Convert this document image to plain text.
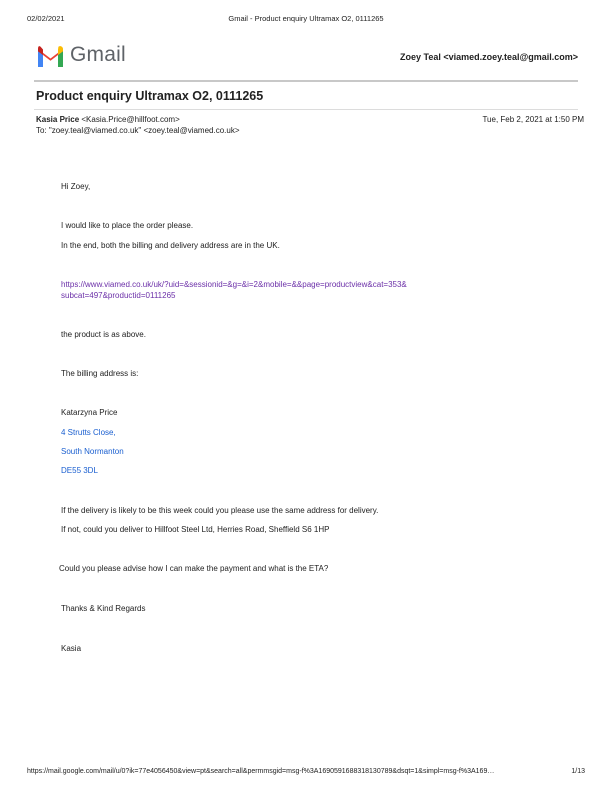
02/02/2021	Gmail - Product enquiry Ultramax O2, 0111265
Gmail	Zoey Teal <viamed.zoey.teal@gmail.com>
Product enquiry Ultramax O2, 0111265
Kasia Price <Kasia.Price@hillfoot.com>	Tue, Feb 2, 2021 at 1:50 PM
To: "zoey.teal@viamed.co.uk" <zoey.teal@viamed.co.uk>
Hi Zoey,
I would like to place the order please.
In the end, both the billing and delivery address are in the UK.
https://www.viamed.co.uk/uk/?uid=&sessionid=&g=&i=2&mobile=&&page=productview&cat=353&
subcat=497&productid=0111265
the product is as above.
The billing address is:
Katarzyna Price
4 Strutts Close,
South Normanton
DE55 3DL
If the delivery is likely to be this week could you please use the same address for delivery.
If not, could you deliver to Hillfoot Steel Ltd, Herries Road, Sheffield S6 1HP
Could you please advise how I can make the payment and what is the ETA?
Thanks & Kind Regards
Kasia
https://mail.google.com/mail/u/0?ik=77e4056450&view=pt&search=all&permmsgid=msg-f%3A1690591688318130789&dsqt=1&simpl=msg-f%3A169…	1/13
